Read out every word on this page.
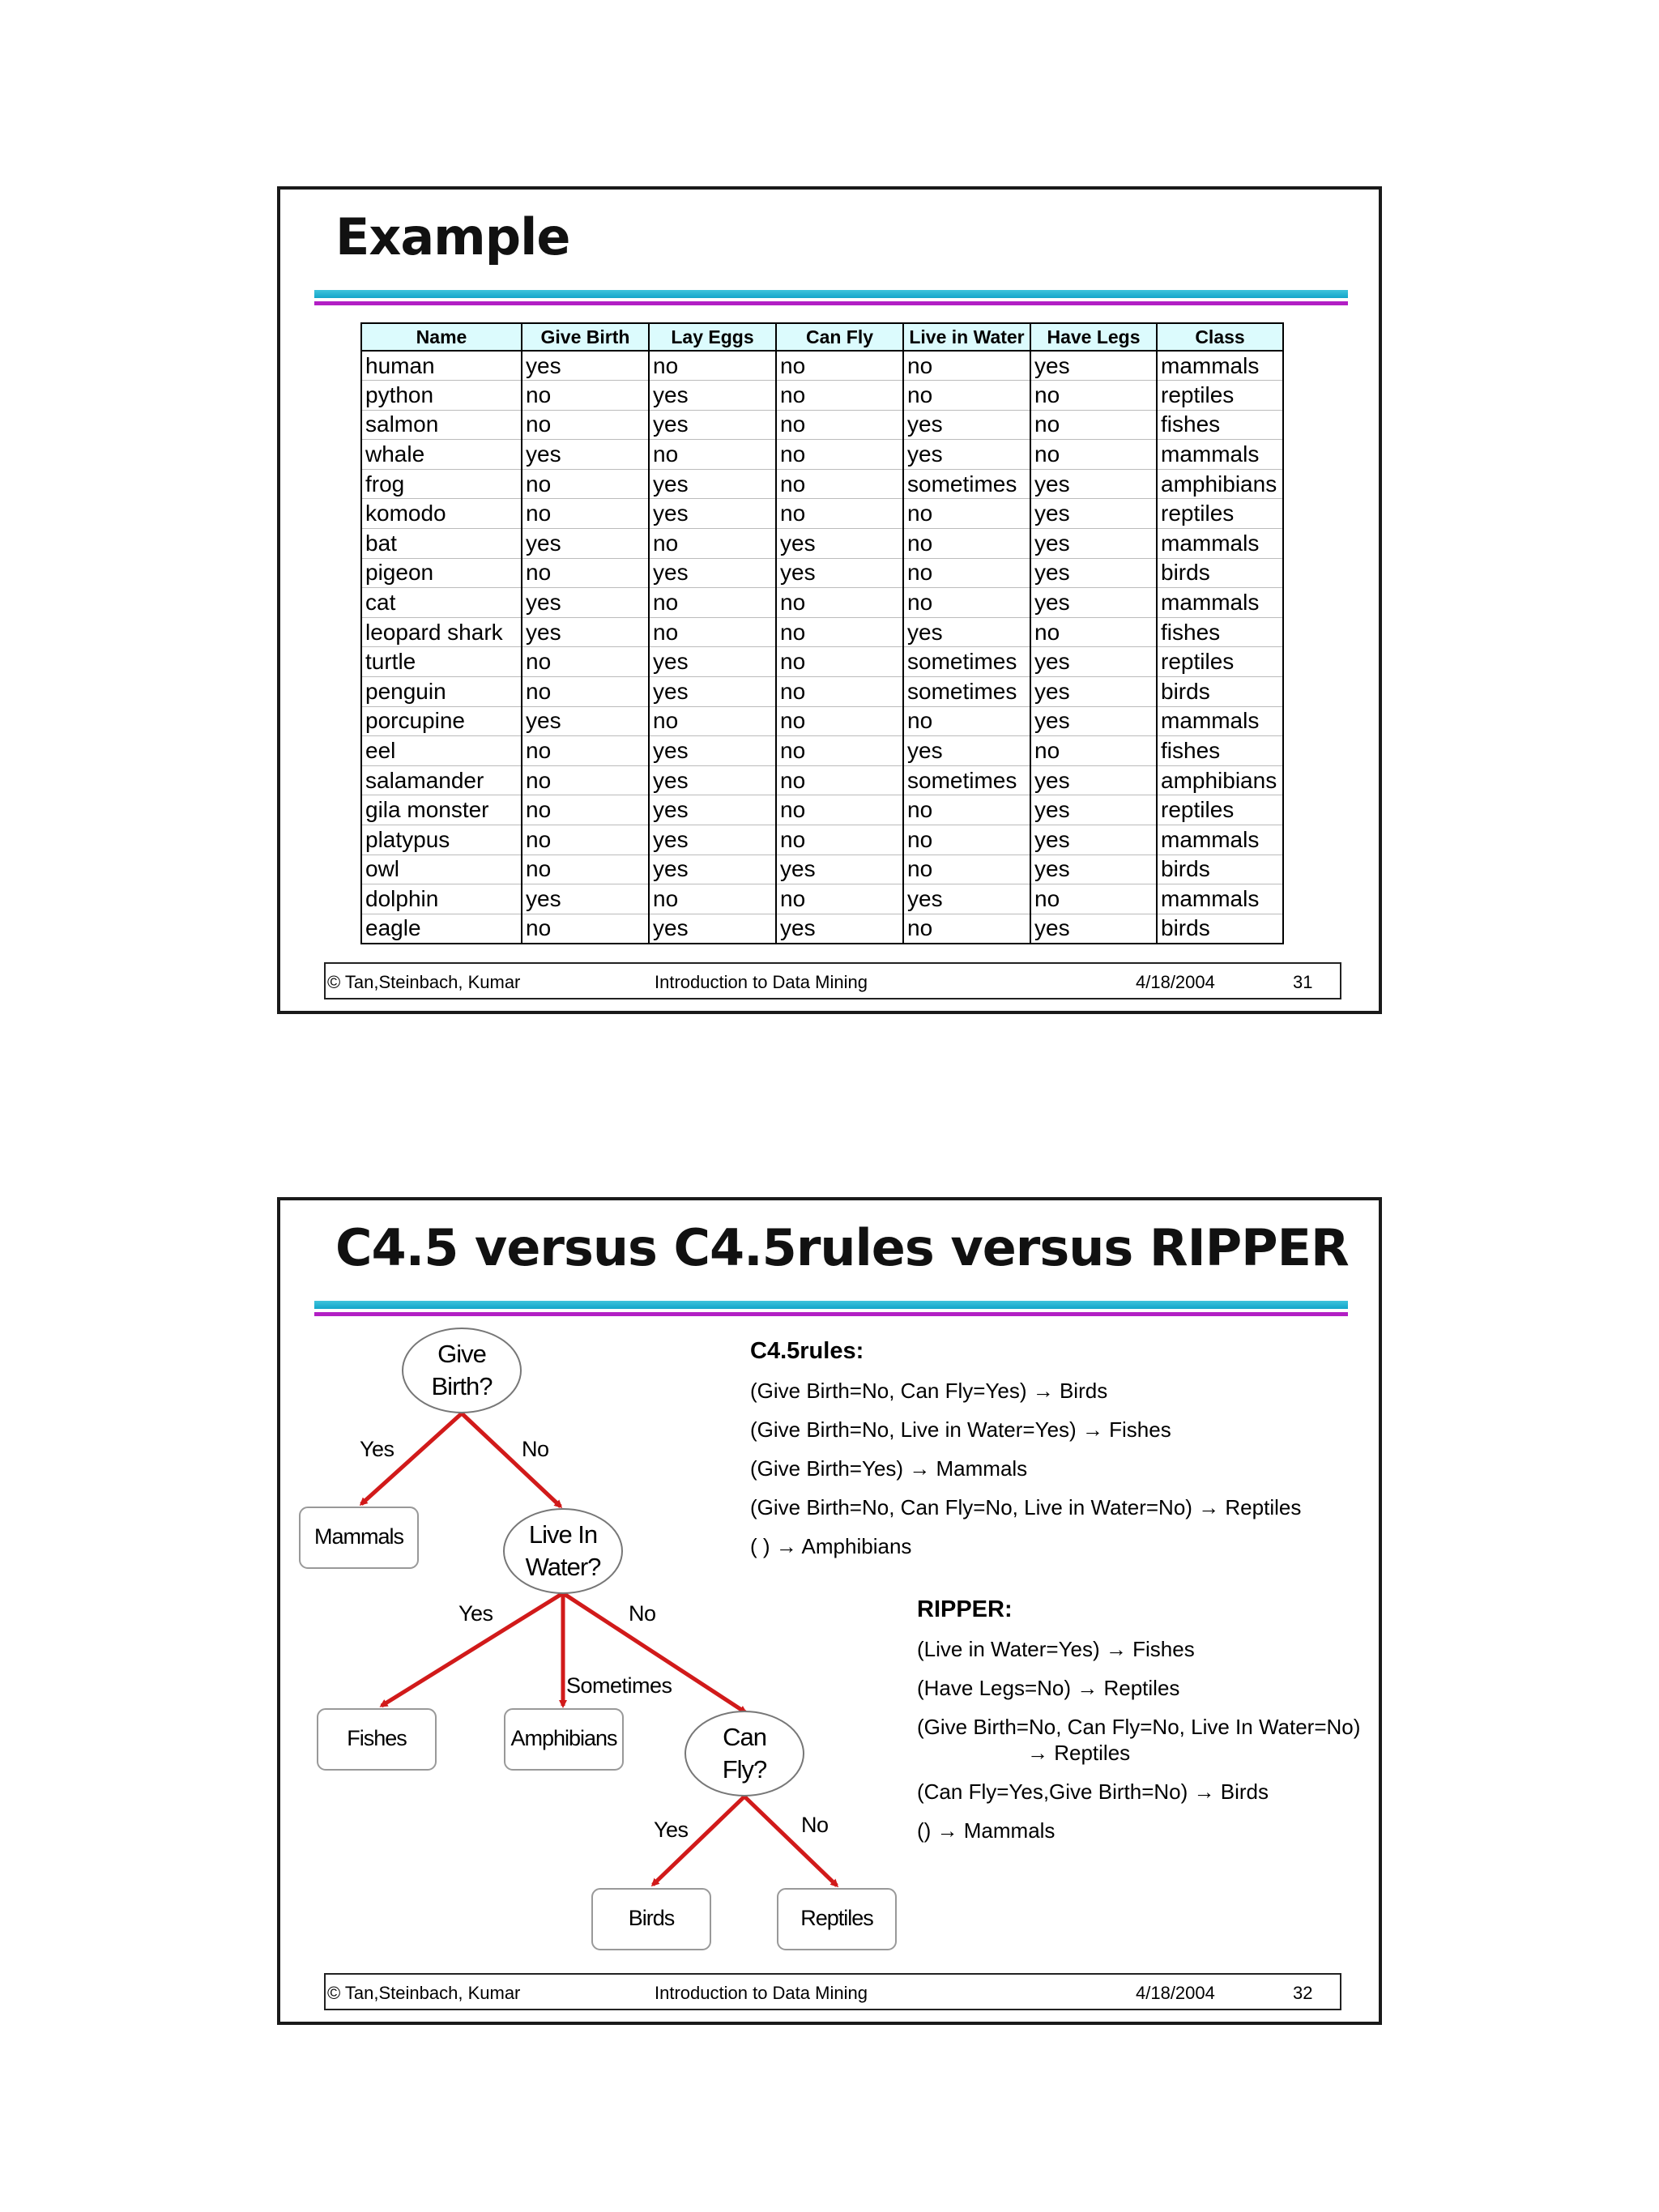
Example
Name	Give Birth	Lay Eggs	Can Fly	Live in Water	Have Legs	Class
human	yes	no	no	no	yes	mammals
python	no	yes	no	no	no	reptiles
salmon	no	yes	no	yes	no	fishes
whale	yes	no	no	yes	no	mammals
frog	no	yes	no	sometimes	yes	amphibians
komodo	no	yes	no	no	yes	reptiles
bat	yes	no	yes	no	yes	mammals
pigeon	no	yes	yes	no	yes	birds
cat	yes	no	no	no	yes	mammals
leopard shark	yes	no	no	yes	no	fishes
turtle	no	yes	no	sometimes	yes	reptiles
penguin	no	yes	no	sometimes	yes	birds
porcupine	yes	no	no	no	yes	mammals
eel	no	yes	no	yes	no	fishes
salamander	no	yes	no	sometimes	yes	amphibians
gila monster	no	yes	no	no	yes	reptiles
platypus	no	yes	no	no	yes	mammals
owl	no	yes	yes	no	yes	birds
dolphin	yes	no	no	yes	no	mammals
eagle	no	yes	yes	no	yes	birds
© Tan,Steinbach, Kumar	Introduction to Data Mining	4/18/2004	31
C4.5 versus C4.5rules versus RIPPER
Give
Birth?
Live In
Water?
Can
Fly?
Mammals
Fishes	Amphibians
Birds	Reptiles
Yes	No
Yes
Sometimes
No
Yes	No
C4.5rules:
(Give Birth=No, Can Fly=Yes) → Birds
(Give Birth=No, Live in Water=Yes) → Fishes
(Give Birth=Yes) → Mammals
(Give Birth=No, Can Fly=No, Live in Water=No) → Reptiles
( ) → Amphibians
RIPPER:
(Live in Water=Yes) → Fishes
(Have Legs=No) → Reptiles
(Give Birth=No, Can Fly=No, Live In Water=No)
→ Reptiles
(Can Fly=Yes,Give Birth=No) → Birds
() → Mammals
© Tan,Steinbach, Kumar	Introduction to Data Mining	4/18/2004	32
